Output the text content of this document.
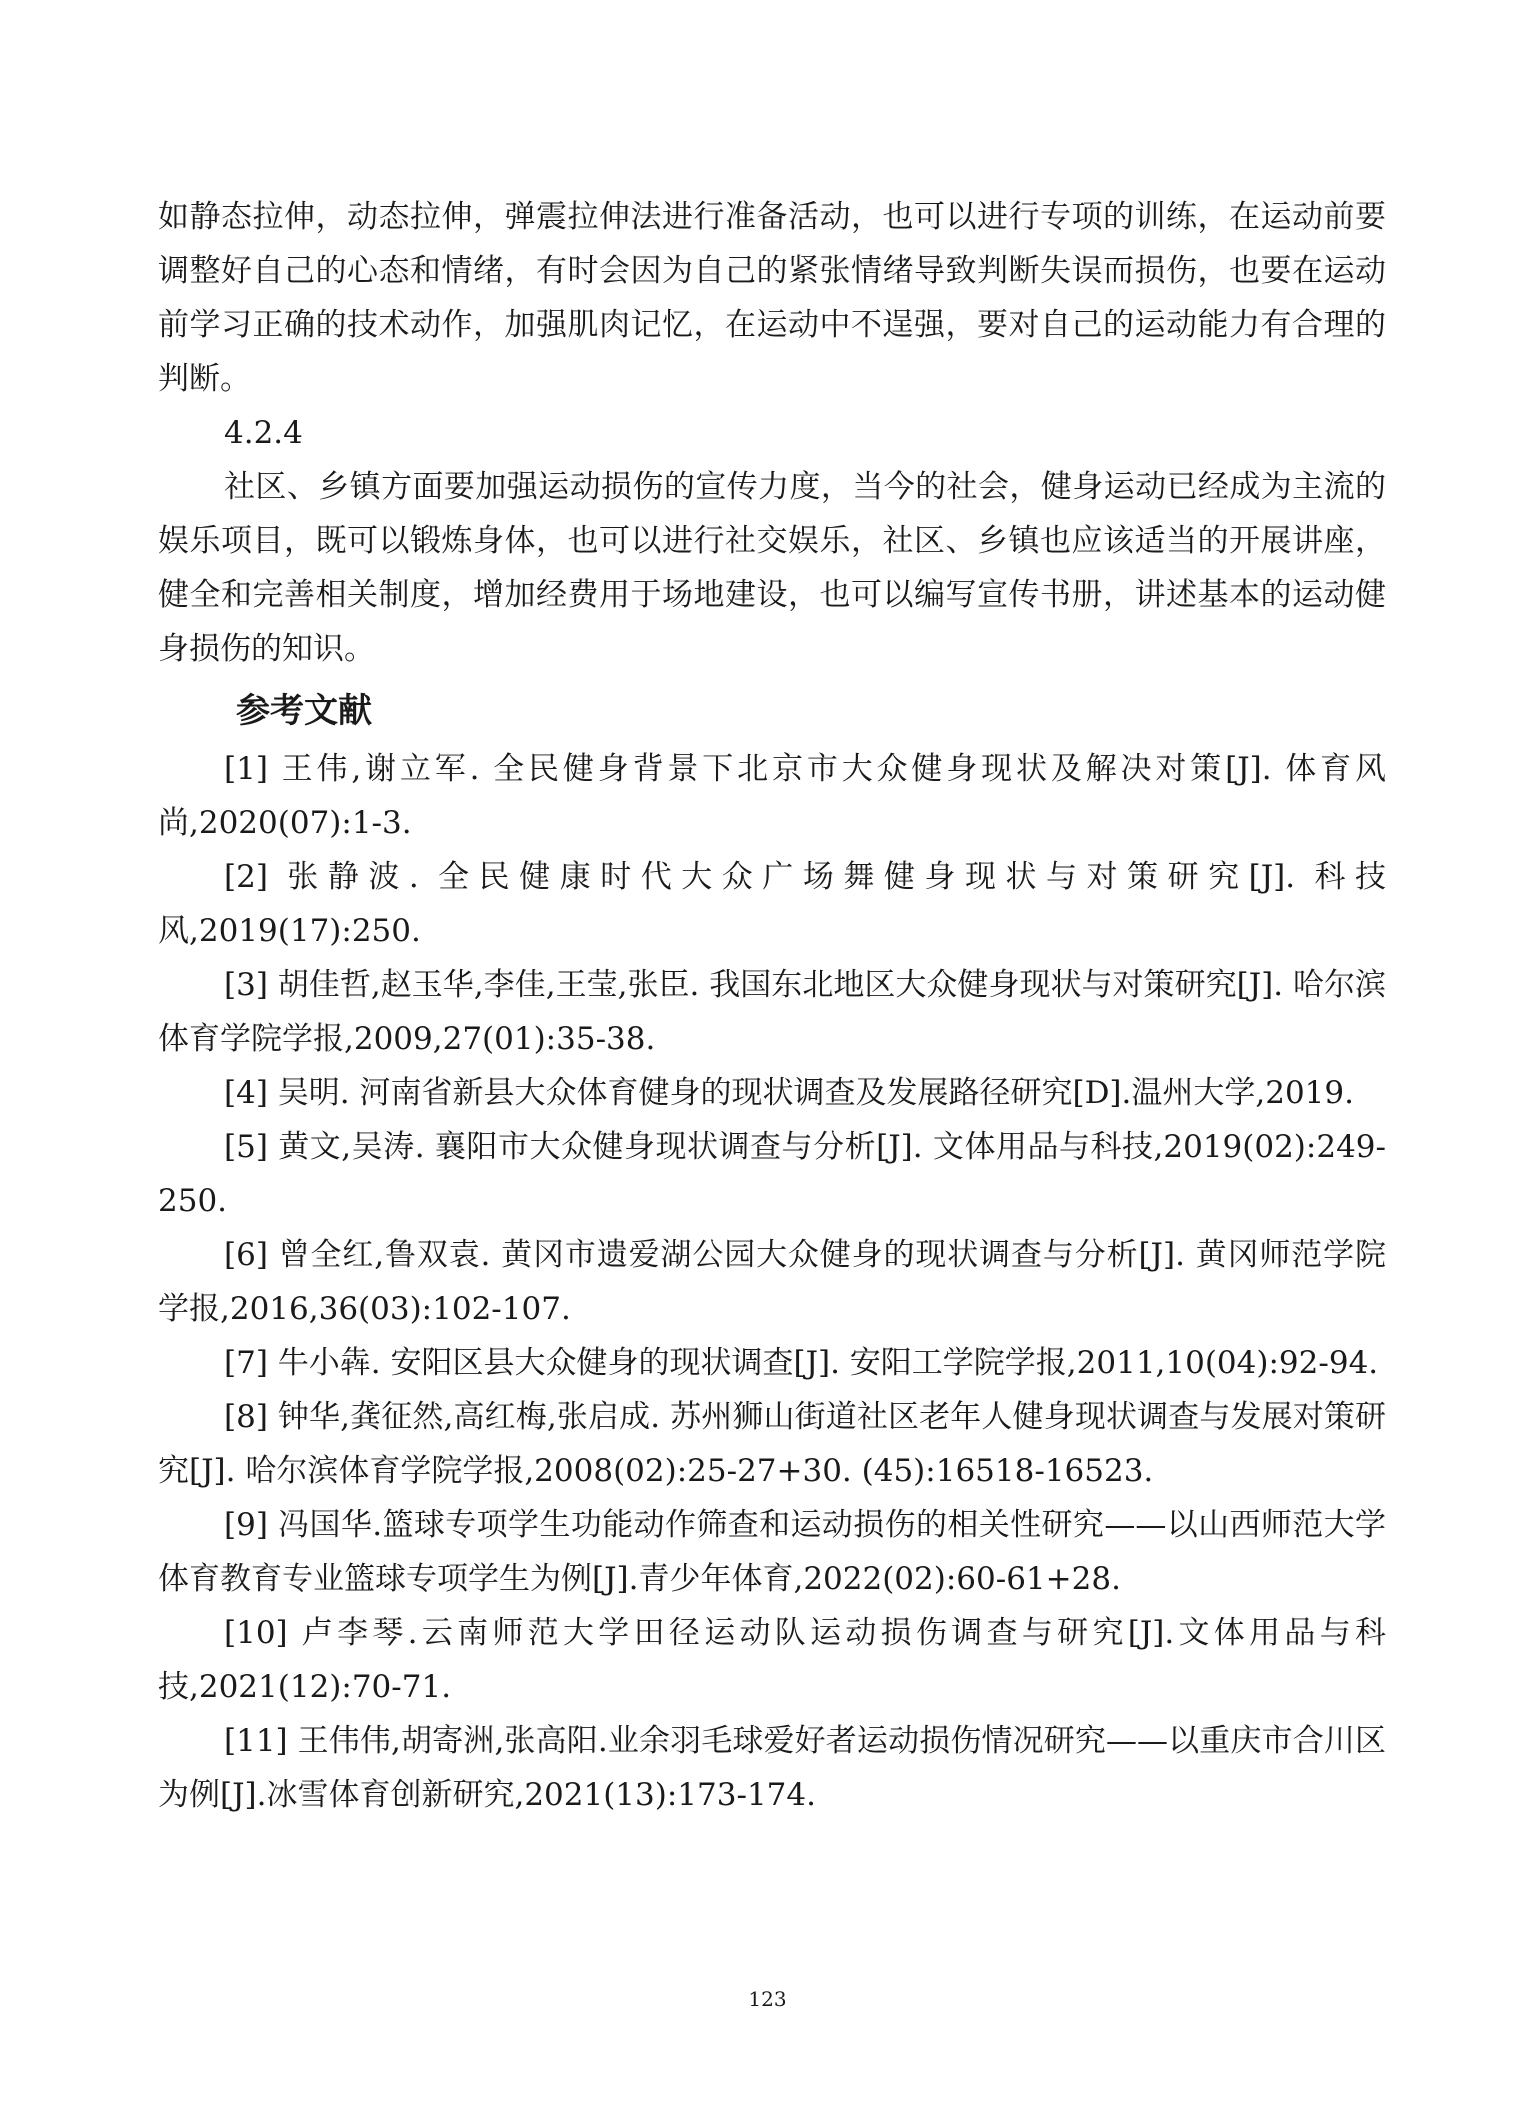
如静态拉伸，动态拉伸，弹震拉伸法进行准备活动，也可以进行专项的训练，在运动前要调整好自己的心态和情绪，有时会因为自己的紧张情绪导致判断失误而损伤，也要在运动前学习正确的技术动作，加强肌肉记忆，在运动中不逞强，要对自己的运动能力有合理的判断。

4.2.4

社区、乡镇方面要加强运动损伤的宣传力度，当今的社会，健身运动已经成为主流的娱乐项目，既可以锻炼身体，也可以进行社交娱乐，社区、乡镇也应该适当的开展讲座，健全和完善相关制度，增加经费用于场地建设，也可以编写宣传书册，讲述基本的运动健身损伤的知识。

参考文献

[1] 王伟,谢立军. 全民健身背景下北京市大众健身现状及解决对策[J]. 体育风尚,2020(07):1-3.

[2] 张静波. 全民健康时代大众广场舞健身现状与对策研究[J]. 科技风,2019(17):250.

[3] 胡佳哲,赵玉华,李佳,王莹,张臣. 我国东北地区大众健身现状与对策研究[J]. 哈尔滨体育学院学报,2009,27(01):35-38.

[4] 吴明. 河南省新县大众体育健身的现状调查及发展路径研究[D].温州大学,2019.

[5] 黄文,吴涛. 襄阳市大众健身现状调查与分析[J]. 文体用品与科技,2019(02):249-250.

[6] 曾全红,鲁双袁. 黄冈市遗爱湖公园大众健身的现状调查与分析[J]. 黄冈师范学院学报,2016,36(03):102-107.

[7] 牛小犇. 安阳区县大众健身的现状调查[J]. 安阳工学院学报,2011,10(04):92-94.

[8] 钟华,龚征然,高红梅,张启成. 苏州狮山街道社区老年人健身现状调查与发展对策研究[J]. 哈尔滨体育学院学报,2008(02):25-27+30. (45):16518-16523.

[9] 冯国华.篮球专项学生功能动作筛查和运动损伤的相关性研究——以山西师范大学体育教育专业篮球专项学生为例[J].青少年体育,2022(02):60-61+28.

[10] 卢李琴.云南师范大学田径运动队运动损伤调查与研究[J].文体用品与科技,2021(12):70-71.

[11] 王伟伟,胡寄洲,张高阳.业余羽毛球爱好者运动损伤情况研究——以重庆市合川区为例[J].冰雪体育创新研究,2021(13):173-174.

123
